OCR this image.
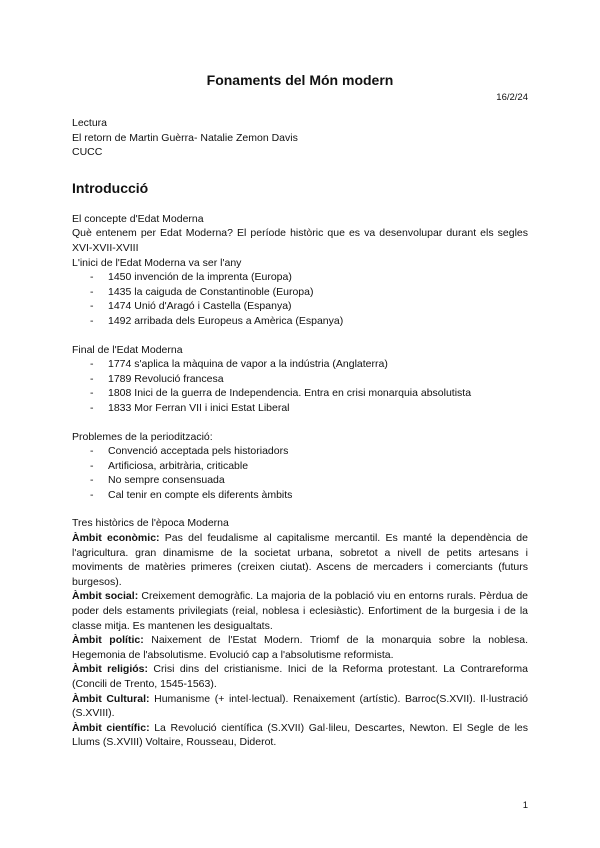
Fonaments del Món modern
16/2/24

Lectura

El retorn de Martin Guèrra- Natalie Zemon Davis

CUCC

Introducció

El concepte d'Edat Moderna

Què entenem per Edat Moderna? El període històric que es va desenvolupar durant els segles XVI-XVII-XVIII

L'inici de l'Edat Moderna va ser l'any

- 1450 invención de la imprenta (Europa)
- 1435 la caiguda de Constantinoble (Europa)
- 1474 Unió d'Aragó i Castella (Espanya)
- 1492 arribada dels Europeus a Amèrica (Espanya)

Final de l'Edat Moderna

- 1774 s'aplica la màquina de vapor a la indústria (Anglaterra)
- 1789 Revolució francesa
- 1808 Inici de la guerra de Independencia. Entra en crisi monarquia absolutista
- 1833 Mor Ferran VII i inici Estat Liberal

Problemes de la periodització:

- Convenció acceptada pels historiadors
- Artificiosa, arbitrària, criticable
- No sempre consensuada
- Cal tenir en compte els diferents àmbits

Tres històrics de l'època Moderna

Àmbit econòmic: Pas del feudalisme al capitalisme mercantil. Es manté la dependència de l'agricultura. gran dinamisme de la societat urbana, sobretot a nivell de petits artesans i moviments de matèries primeres (creixen ciutat). Ascens de mercaders i comerciants (futurs burgesos).

Àmbit social: Creixement demogràfic. La majoria de la població viu en entorns rurals. Pèrdua de poder dels estaments privilegiats (reial, noblesa i eclesiàstic). Enfortiment de la burgesia i de la classe mitja. Es mantenen les desigualtats.

Àmbit polític: Naixement de l'Estat Modern. Triomf de la monarquia sobre la noblesa. Hegemonia de l'absolutisme. Evolució cap a l'absolutisme reformista.

Àmbit religiós: Crisi dins del cristianisme. Inici de la Reforma protestant. La Contrareforma (Concili de Trento, 1545-1563).

Àmbit Cultural: Humanisme (+ intel·lectual). Renaixement (artístic). Barroc(S.XVII). Il·lustració (S.XVIII).

Àmbit científic: La Revolució científica (S.XVII) Gal·lileu, Descartes, Newton. El Segle de les Llums (S.XVIII) Voltaire, Rousseau, Diderot.

1
